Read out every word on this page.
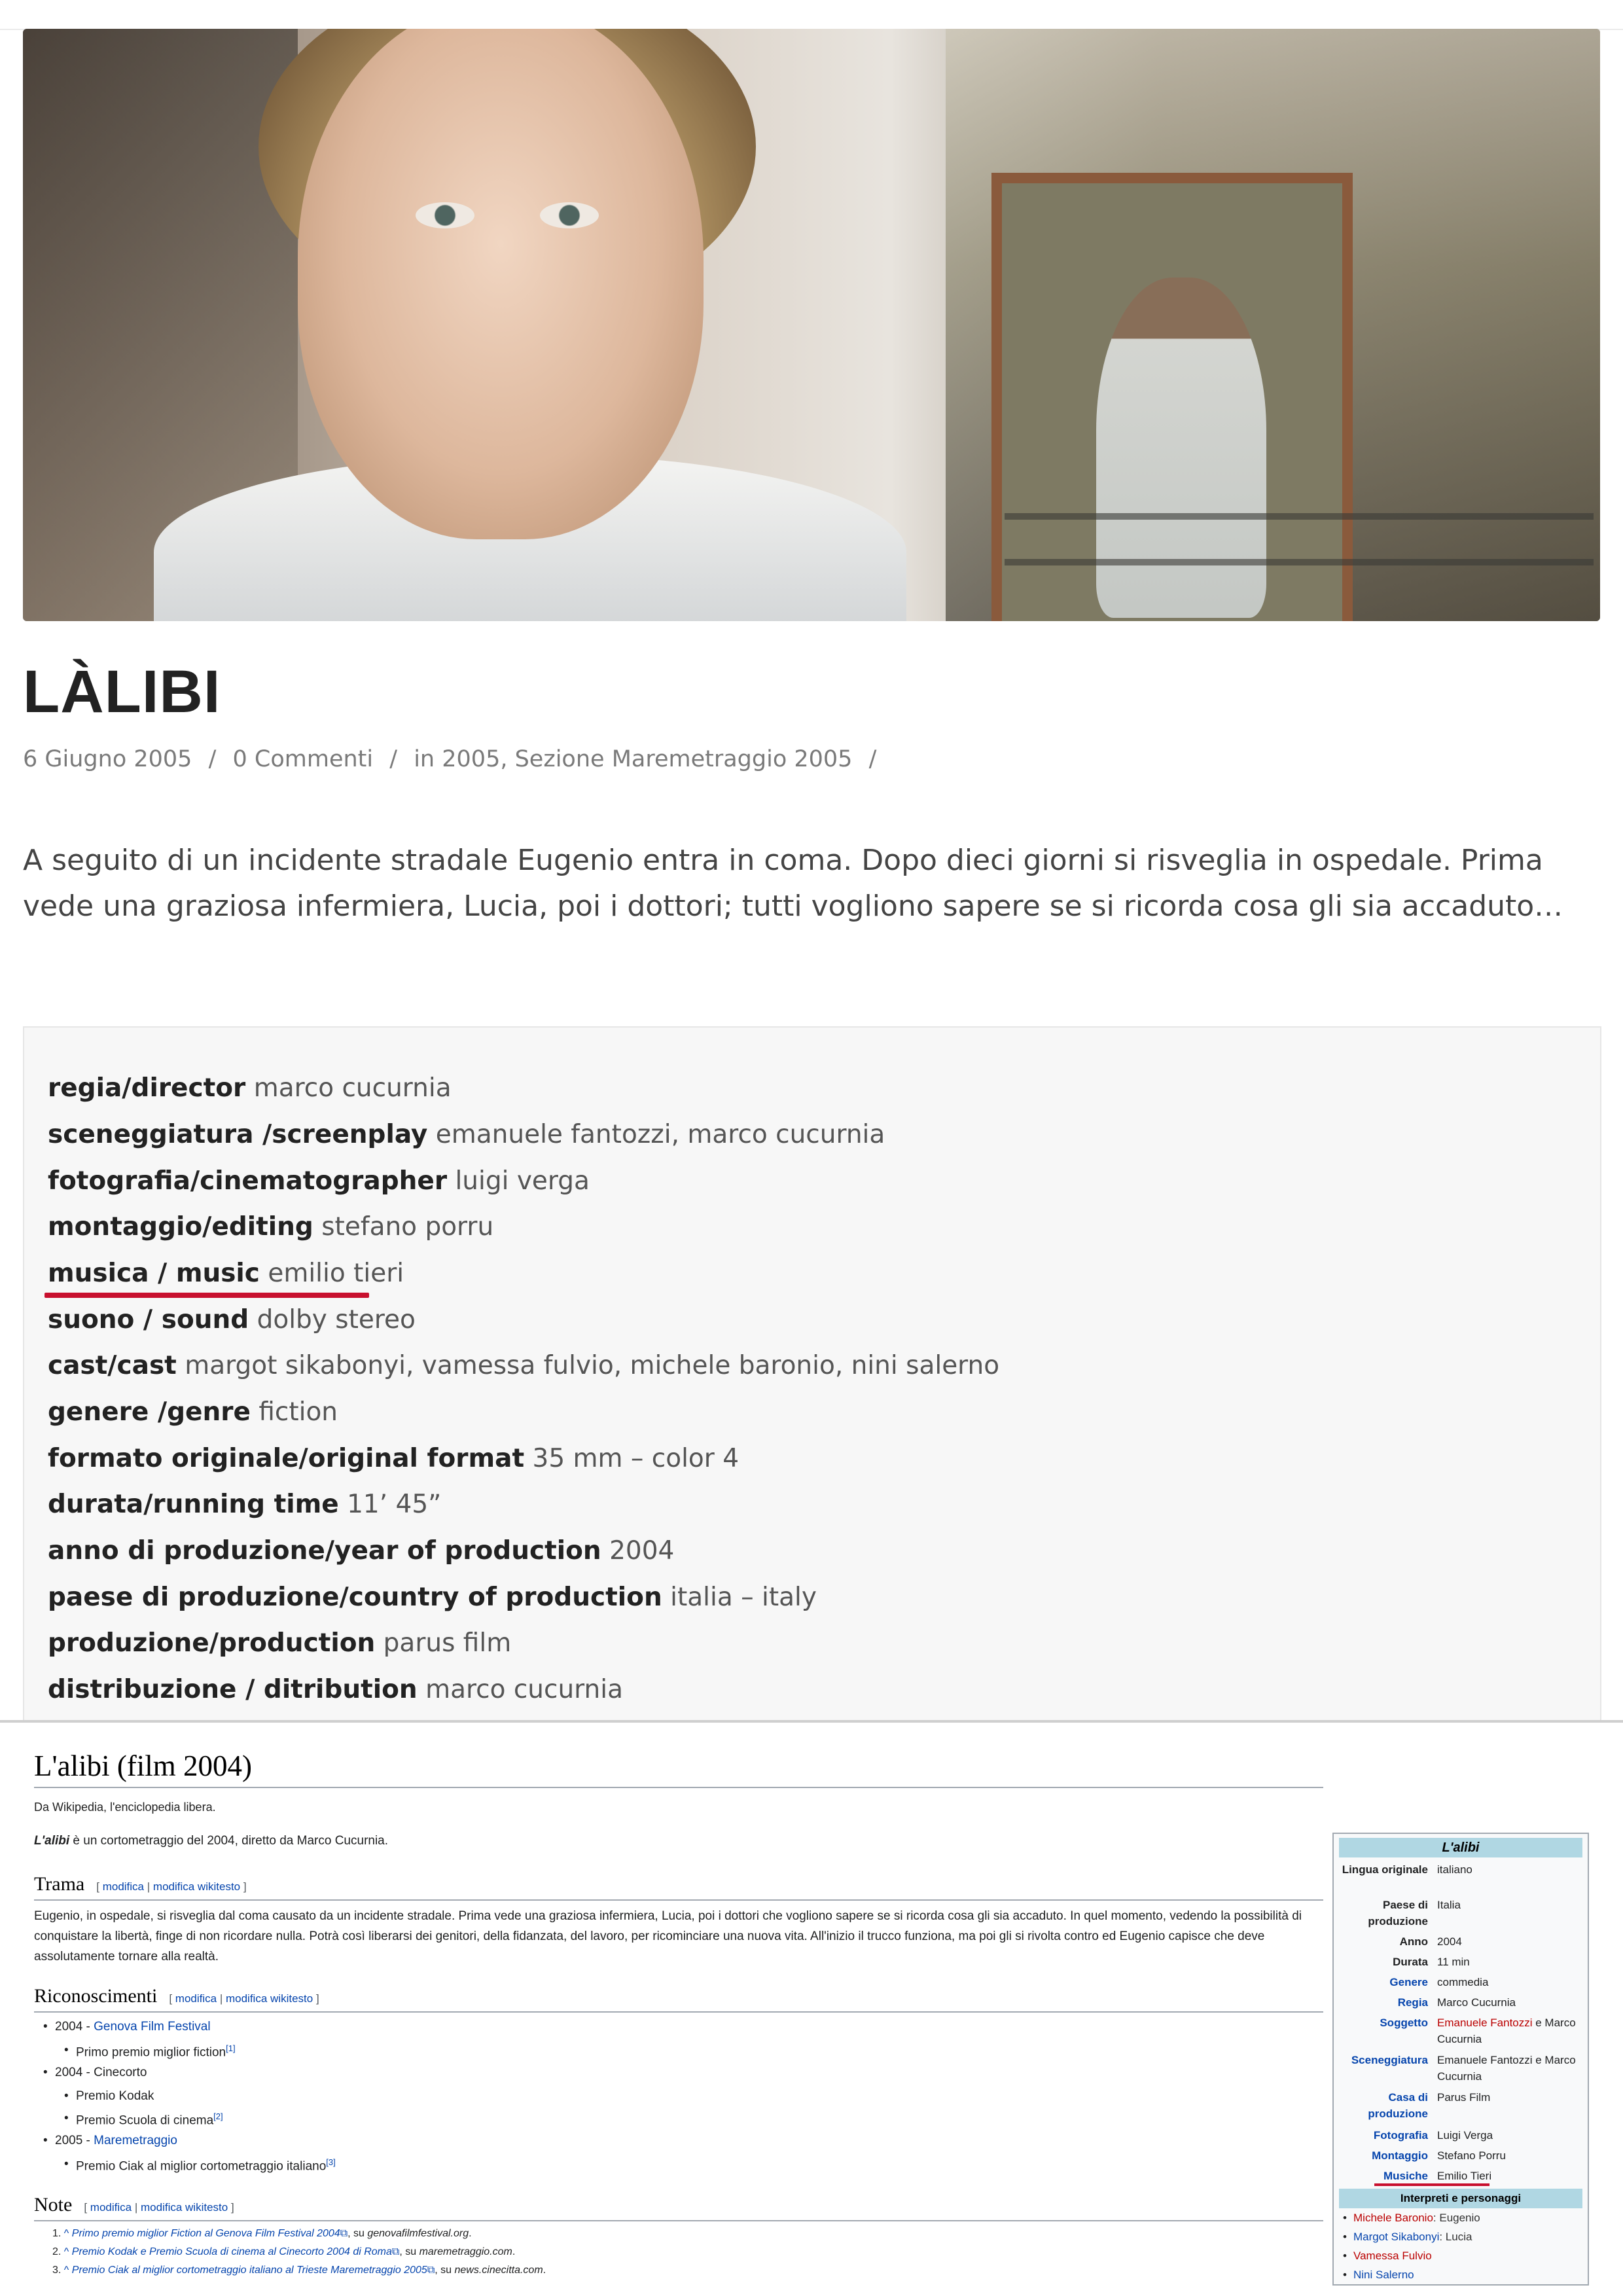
LÀLIBI
6 Giugno 2005 / 0 Commenti / in 2005, Sezione Maremetraggio 2005 /

A seguito di un incidente stradale Eugenio entra in coma. Dopo dieci giorni si risveglia in ospedale. Prima vede una graziosa infermiera, Lucia, poi i dottori; tutti vogliono sapere se si ricorda cosa gli sia accaduto…

regia/director marco cucurnia
sceneggiatura /screenplay emanuele fantozzi, marco cucurnia
fotografia/cinematographer luigi verga
montaggio/editing stefano porru
musica / music emilio tieri
suono / sound dolby stereo
cast/cast margot sikabonyi, vamessa fulvio, michele baronio, nini salerno
genere /genre fiction
formato originale/original format 35 mm – color 4
durata/running time 11’ 45”
anno di produzione/year of production 2004
paese di produzione/country of production italia – italy
produzione/production parus film
distribuzione / ditribution marco cucurnia
L'alibi (film 2004)
Da Wikipedia, l'enciclopedia libera.

L'alibi è un cortometraggio del 2004, diretto da Marco Cucurnia.

Trama [ modifica | modifica wikitesto ]

Eugenio, in ospedale, si risveglia dal coma causato da un incidente stradale. Prima vede una graziosa infermiera, Lucia, poi i dottori che vogliono sapere se si ricorda cosa gli sia accaduto. In quel momento, vedendo la possibilità di conquistare la libertà, finge di non ricordare nulla. Potrà così liberarsi dei genitori, della fidanzata, del lavoro, per ricominciare una nuova vita. All'inizio il trucco funziona, ma poi gli si rivolta contro ed Eugenio capisce che deve assolutamente tornare alla realtà.

Riconoscimenti [ modifica | modifica wikitesto ]
• 2004 - Genova Film Festival
• Primo premio miglior fiction[1]
• 2004 - Cinecorto
• Premio Kodak
• Premio Scuola di cinema[2]
• 2005 - Maremetraggio
• Premio Ciak al miglior cortometraggio italiano[3]
Note [ modifica | modifica wikitesto ]
1. ^ Primo premio miglior Fiction al Genova Film Festival 2004⧉, su genovafilmfestival.org.
2. ^ Premio Kodak e Premio Scuola di cinema al Cinecorto 2004 di Roma⧉, su maremetraggio.com.
3. ^ Premio Ciak al miglior cortometraggio italiano al Trieste Maremetraggio 2005⧉, su news.cinecitta.com.
L'alibi
Lingua originale italiano
Paese di produzione
Italia
Anno 2004
Durata 11 min
Genere commedia
Regia Marco Cucurnia
Soggetto Emanuele Fantozzi e Marco Cucurnia
Sceneggiatura Emanuele Fantozzi e Marco Cucurnia
Casa di produzione
Parus Film
Fotografia Luigi Verga
Montaggio Stefano Porru
Musiche Emilio Tieri
Interpreti e personaggi
• Michele Baronio: Eugenio
• Margot Sikabonyi: Lucia
• Vamessa Fulvio
• Nini Salerno
